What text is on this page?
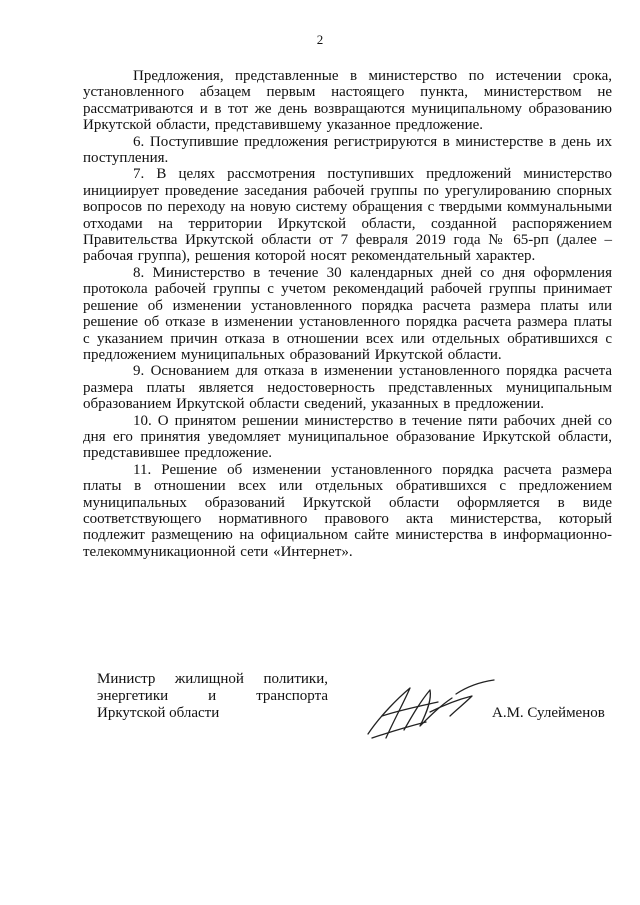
2

Предложения, представленные в министерство по истечении срока, установленного абзацем первым настоящего пункта, министерством не рассматриваются и в тот же день возвращаются муниципальному образованию Иркутской области, представившему указанное предложение.

6. Поступившие предложения регистрируются в министерстве в день их поступления.

7. В целях рассмотрения поступивших предложений министерство инициирует проведение заседания рабочей группы по урегулированию спорных вопросов по переходу на новую систему обращения с твердыми коммунальными отходами на территории Иркутской области, созданной распоряжением Правительства Иркутской области от 7 февраля 2019 года № 65-рп (далее – рабочая группа), решения которой носят рекомендательный характер.

8. Министерство в течение 30 календарных дней со дня оформления протокола рабочей группы с учетом рекомендаций рабочей группы принимает решение об изменении установленного порядка расчета размера платы или решение об отказе в изменении установленного порядка расчета размера платы с указанием причин отказа в отношении всех или отдельных обратившихся с предложением муниципальных образований Иркутской области.

9. Основанием для отказа в изменении установленного порядка расчета размера платы является недостоверность представленных муниципальным образованием Иркутской области сведений, указанных в предложении.

10. О принятом решении министерство в течение пяти рабочих дней со дня его принятия уведомляет муниципальное образование Иркутской области, представившее предложение.

11. Решение об изменении установленного порядка расчета размера платы в отношении всех или отдельных обратившихся с предложением муниципальных образований Иркутской области оформляется в виде соответствующего нормативного правового акта министерства, который подлежит размещению на официальном сайте министерства в информационно-телекоммуникационной сети «Интернет».

Министр жилищной политики,
энергетики и транспорта
Иркутской области	А.М. Сулейменов
